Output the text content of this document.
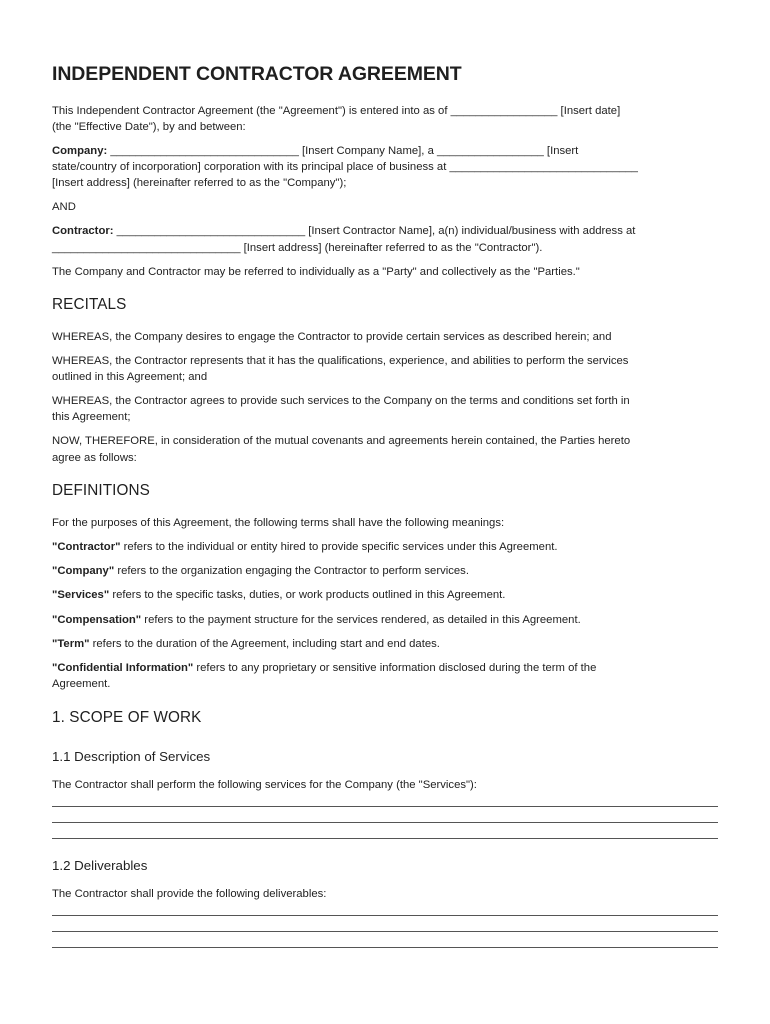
INDEPENDENT CONTRACTOR AGREEMENT

This Independent Contractor Agreement (the "Agreement") is entered into as of _________________ [Insert date]

(the "Effective Date"), by and between:

Company: ______________________________ [Insert Company Name], a _________________ [Insert

state/country of incorporation] corporation with its principal place of business at ______________________________

[Insert address] (hereinafter referred to as the "Company");

AND

Contractor: ______________________________ [Insert Contractor Name], a(n) individual/business with address at

______________________________ [Insert address] (hereinafter referred to as the "Contractor").

The Company and Contractor may be referred to individually as a "Party" and collectively as the "Parties."

RECITALS

WHEREAS, the Company desires to engage the Contractor to provide certain services as described herein; and

WHEREAS, the Contractor represents that it has the qualifications, experience, and abilities to perform the services

outlined in this Agreement; and

WHEREAS, the Contractor agrees to provide such services to the Company on the terms and conditions set forth in

this Agreement;

NOW, THEREFORE, in consideration of the mutual covenants and agreements herein contained, the Parties hereto

agree as follows:

DEFINITIONS

For the purposes of this Agreement, the following terms shall have the following meanings:

"Contractor" refers to the individual or entity hired to provide specific services under this Agreement.

"Company" refers to the organization engaging the Contractor to perform services.

"Services" refers to the specific tasks, duties, or work products outlined in this Agreement.

"Compensation" refers to the payment structure for the services rendered, as detailed in this Agreement.

"Term" refers to the duration of the Agreement, including start and end dates.

"Confidential Information" refers to any proprietary or sensitive information disclosed during the term of the

Agreement.

1. SCOPE OF WORK
1.1 Description of Services

The Contractor shall perform the following services for the Company (the "Services"):

1.2 Deliverables

The Contractor shall provide the following deliverables:
